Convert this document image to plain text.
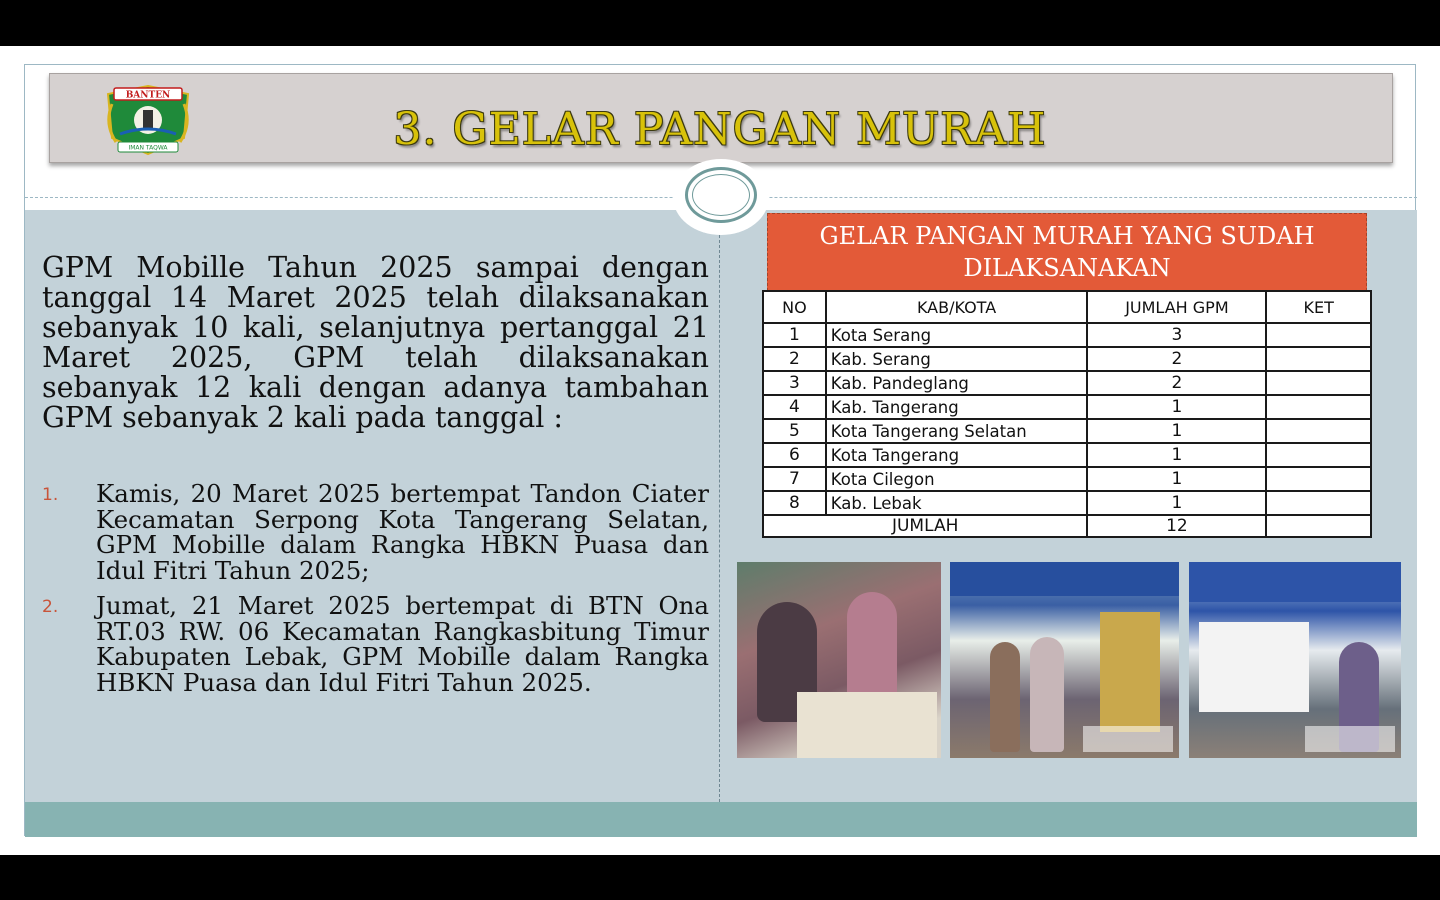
BANTEN
IMAN TAQWA	3. GELAR PANGAN MURAH
GPM Mobille Tahun 2025 sampai dengan tanggal 14 Maret 2025 telah dilaksanakan sebanyak 10 kali, selanjutnya pertanggal 21 Maret 2025, GPM telah dilaksanakan sebanyak 12 kali dengan adanya tambahan GPM sebanyak 2 kali pada tanggal :
1. Kamis, 20 Maret 2025 bertempat Tandon Ciater Kecamatan Serpong Kota Tangerang Selatan, GPM Mobille dalam Rangka HBKN Puasa dan Idul Fitri Tahun 2025;
2. Jumat, 21 Maret 2025 bertempat di BTN Ona RT.03 RW. 06 Kecamatan Rangkasbitung Timur Kabupaten Lebak, GPM Mobille dalam Rangka HBKN Puasa dan Idul Fitri Tahun 2025.
GELAR PANGAN MURAH YANG SUDAH
DILAKSANAKAN
NO	KAB/KOTA	JUMLAH GPM	KET
1	Kota Serang	3	
2	Kab. Serang	2	
3	Kab. Pandeglang	2	
4	Kab. Tangerang	1	
5	Kota Tangerang Selatan	1	
6	Kota Tangerang	1	
7	Kota Cilegon	1	
8	Kab. Lebak	1	
JUMLAH		12	
